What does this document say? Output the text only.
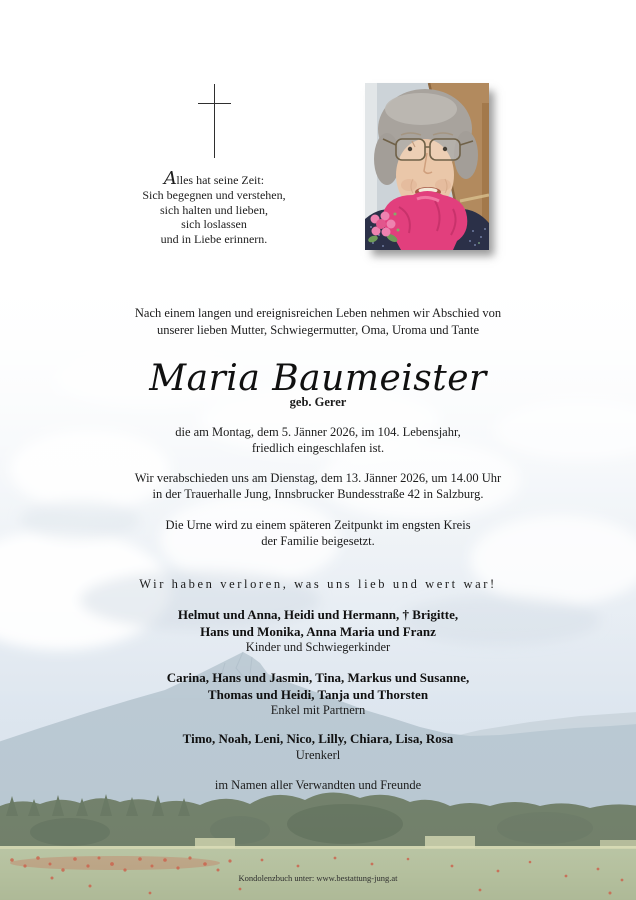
Alles hat seine Zeit:
Sich begegnen und verstehen,
sich halten und lieben,
sich loslassen
und in Liebe erinnern.
Nach einem langen und ereignisreichen Leben nehmen wir Abschied von
unserer lieben Mutter, Schwiegermutter, Oma, Uroma und Tante
Maria Baumeister
geb. Gerer
die am Montag, dem 5. Jänner 2026, im 104. Lebensjahr,
friedlich eingeschlafen ist.
Wir verabschieden uns am Dienstag, dem 13. Jänner 2026, um 14.00 Uhr
in der Trauerhalle Jung, Innsbrucker Bundesstraße 42 in Salzburg.
Die Urne wird zu einem späteren Zeitpunkt im engsten Kreis
der Familie beigesetzt.
Wir haben verloren, was uns lieb und wert war!
Helmut und Anna, Heidi und Hermann, † Brigitte,
Hans und Monika, Anna Maria und Franz
Kinder und Schwiegerkinder
Carina, Hans und Jasmin, Tina, Markus und Susanne,
Thomas und Heidi, Tanja und Thorsten
Enkel mit Partnern
Timo, Noah, Leni, Nico, Lilly, Chiara, Lisa, Rosa
Urenkerl
im Namen aller Verwandten und Freunde
Kondolenzbuch unter: www.bestattung-jung.at
